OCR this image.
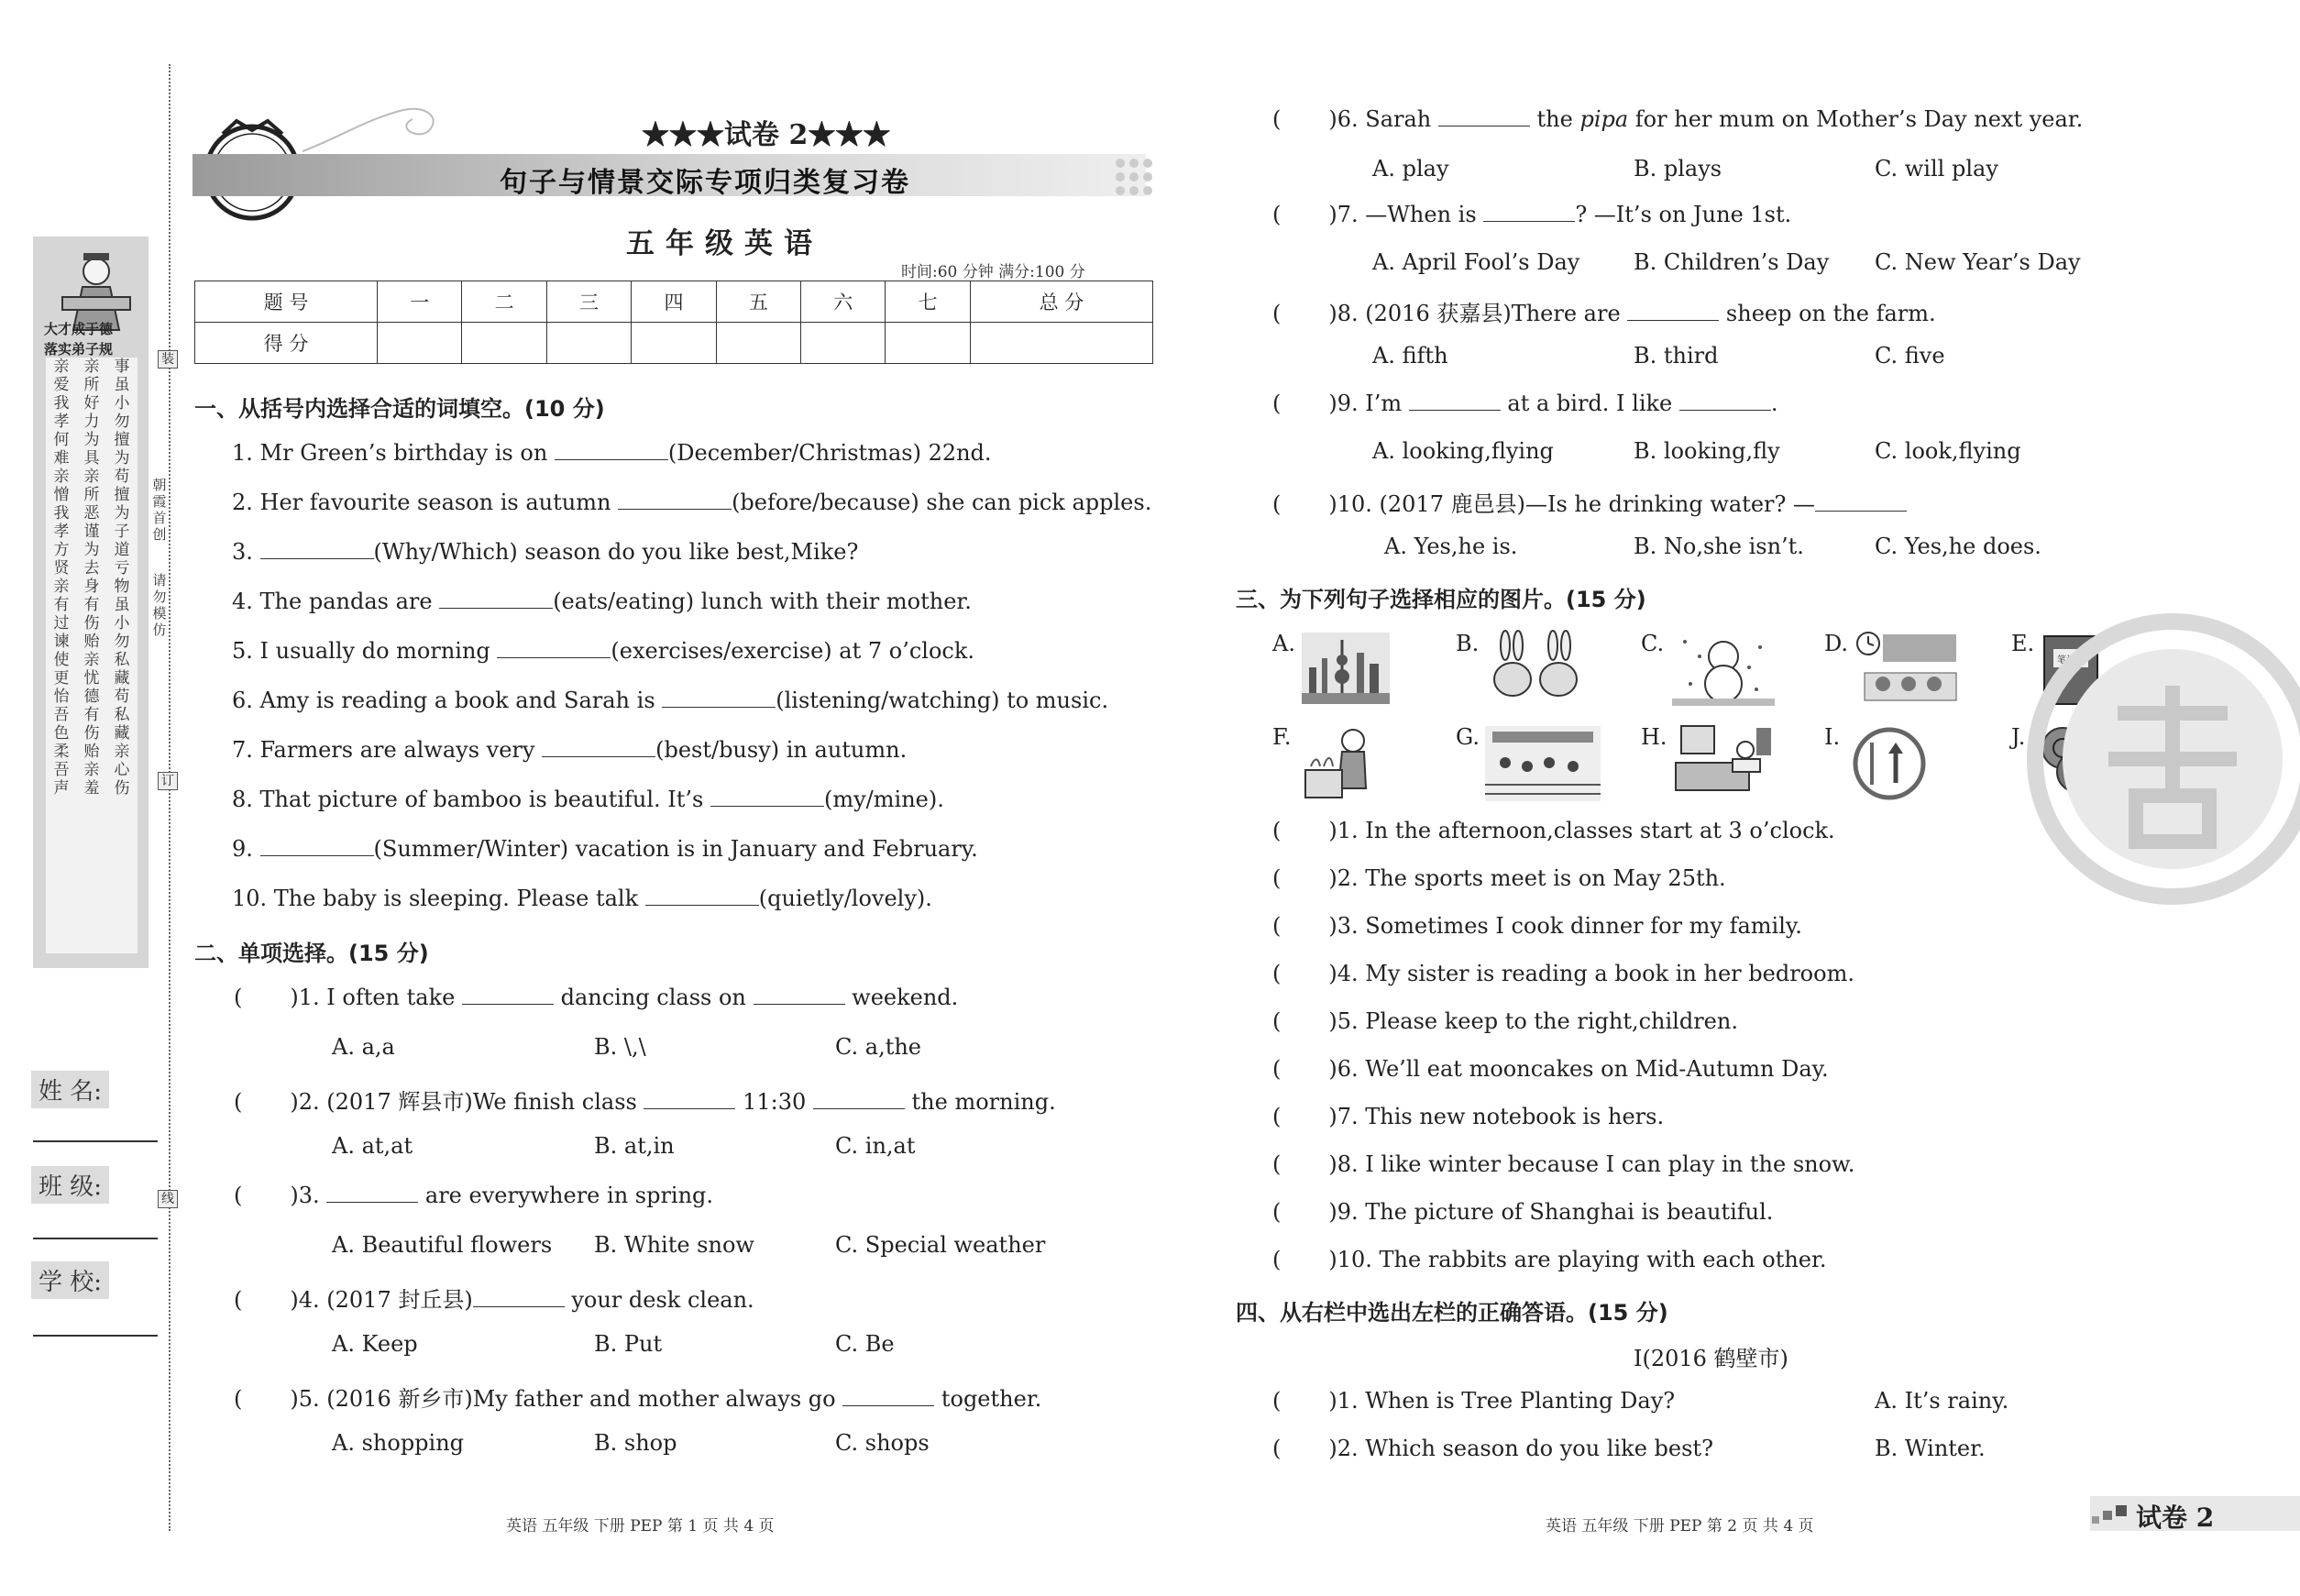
大才成于德
落实弟子规
亲爱我
孝何难
亲憎我
孝方贤
亲有过
谏使更
怡吾色
柔吾声
亲所好
力为具
亲所恶
谨为去
身有伤
贻亲忧
德有伤
贻亲羞
事虽小
勿擅为
苟擅为
子道亏
物虽小
勿私藏
苟私藏
亲心伤
装
订
线
朝霞首创
请勿模仿
姓 名:
班 级:
学 校:
★★★试卷 2★★★
句子与情景交际专项归类复习卷
五年级英语
时间:60 分钟 满分:100 分
题 号	一	二	三	四	五	六	七	总 分
得 分								
一、从括号内选择合适的词填空。(10 分)
1. Mr Green’s birthday is on	(December/Christmas) 22nd.
2. Her favourite season is autumn	(before/because) she can pick apples.
3.	(Why/Which) season do you like best,Mike?
4. The pandas are	(eats/eating) lunch with their mother.
5. I usually do morning	(exercises/exercise) at 7 o’clock.
6. Amy is reading a book and Sarah is	(listening/watching) to music.
7. Farmers are always very	(best/busy) in autumn.
8. That picture of bamboo is beautiful. It’s	(my/mine).
9.	(Summer/Winter) vacation is in January and February.
10. The baby is sleeping. Please talk	(quietly/lovely).
二、单项选择。(15 分)
( )1. I often take	dancing class on	weekend.
A. a,a	B. \,\	C. a,the
( )2. (2017 辉县市)We finish class	11:30	the morning.
A. at,at	B. at,in	C. in,at
( )3.	are everywhere in spring.
A. Beautiful flowers B. White snow	C. Special weather
( )4. (2017 封丘县)	your desk clean.
A. Keep	B. Put	C. Be
( )5. (2016 新乡市)My father and mother always go	together.
A. shopping	B. shop	C. shops
( )6. Sarah	the pipa for her mum on Mother’s Day next year.
A. play	B. plays	C. will play
( )7. —When is	? —It’s on June 1st.
A. April Fool’s Day B. Children’s Day C. New Year’s Day
( )8. (2016 获嘉县)There are	sheep on the farm.
A. fifth	B. third	C. five
( )9. I’m	at a bird. I like	.
A. looking,flying	B. looking,fly	C. look,flying
( )10. (2017 鹿邑县)—Is he drinking water? —
A. Yes,he is.	B. No,she isn’t.	C. Yes,he does.
三、为下列句子选择相应的图片。(15 分)
A.	B.	C.	D.	E.
笔记本
F.	G.	H.	I.	J.
( )1. In the afternoon,classes start at 3 o’clock.
( )2. The sports meet is on May 25th.
( )3. Sometimes I cook dinner for my family.
( )4. My sister is reading a book in her bedroom.
( )5. Please keep to the right,children.
( )6. We’ll eat mooncakes on Mid-Autumn Day.
( )7. This new notebook is hers.
( )8. I like winter because I can play in the snow.
( )9. The picture of Shanghai is beautiful.
( )10. The rabbits are playing with each other.
四、从右栏中选出左栏的正确答语。(15 分)
Ⅰ(2016 鹤壁市)
( )1. When is Tree Planting Day?	A. It’s rainy.
( )2. Which season do you like best?	B. Winter.
英语 五年级 下册 PEP 第 1 页 共 4 页	英语 五年级 下册 PEP 第 2 页 共 4 页	试卷 2
